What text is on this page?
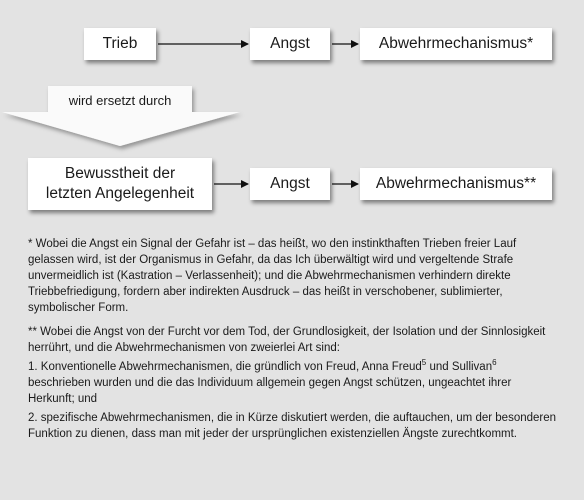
wird ersetzt durch
Trieb	Angst	Abwehrmechanismus*
Bewusstheit der
letzten Angelegenheit
Angst	Abwehrmechanismus**

* Wobei die Angst ein Signal der Gefahr ist – das heißt, wo den instinkthaften Trieben freier Lauf gelassen wird, ist der Organismus in Gefahr, da das Ich überwältigt wird und vergeltende Strafe unvermeidlich ist (Kastration – Verlassenheit); und die Abwehrmechanismen verhindern direkte Triebbefriedigung, fordern aber indirekten Ausdruck – das heißt in verschobener, sublimierter, symbolischer Form.

** Wobei die Angst von der Furcht vor dem Tod, der Grundlosigkeit, der Isolation und der Sinnlosigkeit herrührt, und die Abwehrmechanismen von zweierlei Art sind:

1. Konventionelle Abwehrmechanismen, die gründlich von Freud, Anna Freud$^5$ und Sullivan$^6$ beschrieben wurden und die das Individuum allgemein gegen Angst schützen, ungeachtet ihrer Herkunft; und

2. spezifische Abwehrmechanismen, die in Kürze diskutiert werden, die auftauchen, um der besonderen Funktion zu dienen, dass man mit jeder der ursprünglichen existenziellen Ängste zurechtkommt.
